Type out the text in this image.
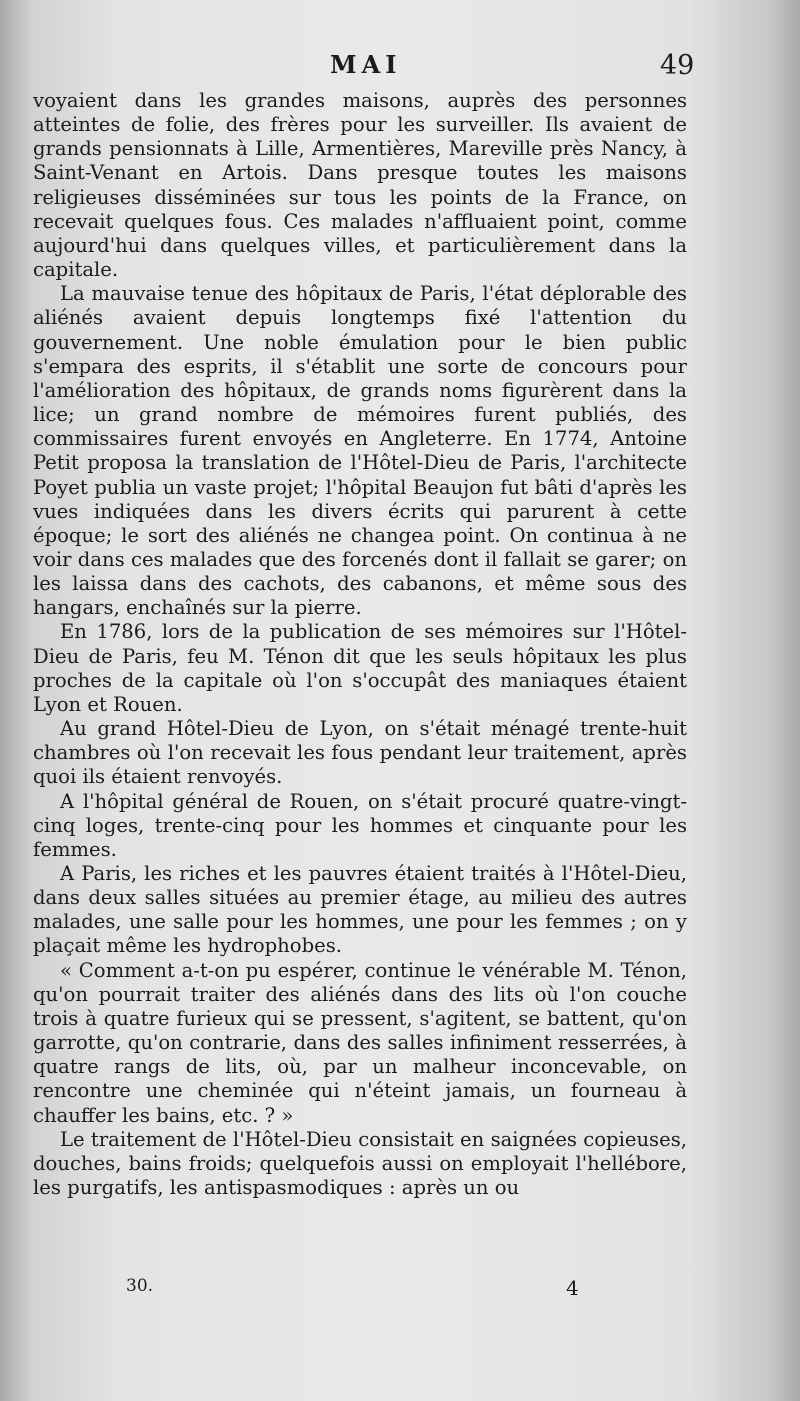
MAI	49

voyaient dans les grandes maisons, auprès des personnes atteintes de folie, des frères pour les surveiller. Ils avaient de grands pensionnats à Lille, Armentières, Mareville près Nancy, à Saint-Venant en Artois. Dans presque toutes les maisons religieuses disséminées sur tous les points de la France, on recevait quelques fous. Ces malades n'affluaient point, comme aujourd'hui dans quelques villes, et particulièrement dans la capitale.

La mauvaise tenue des hôpitaux de Paris, l'état déplorable des aliénés avaient depuis longtemps fixé l'attention du gouvernement. Une noble émulation pour le bien public s'empara des esprits, il s'établit une sorte de concours pour l'amélioration des hôpitaux, de grands noms figurèrent dans la lice; un grand nombre de mémoires furent publiés, des commissaires furent envoyés en Angleterre. En 1774, Antoine Petit proposa la translation de l'Hôtel-Dieu de Paris, l'architecte Poyet publia un vaste projet; l'hôpital Beaujon fut bâti d'après les vues indiquées dans les divers écrits qui parurent à cette époque; le sort des aliénés ne changea point. On continua à ne voir dans ces malades que des forcenés dont il fallait se garer; on les laissa dans des cachots, des cabanons, et même sous des hangars, enchaînés sur la pierre.

En 1786, lors de la publication de ses mémoires sur l'Hôtel-Dieu de Paris, feu M. Ténon dit que les seuls hôpitaux les plus proches de la capitale où l'on s'occupât des maniaques étaient Lyon et Rouen.

Au grand Hôtel-Dieu de Lyon, on s'était ménagé trente-huit chambres où l'on recevait les fous pendant leur traitement, après quoi ils étaient renvoyés.

A l'hôpital général de Rouen, on s'était procuré quatre-vingt-cinq loges, trente-cinq pour les hommes et cinquante pour les femmes.

A Paris, les riches et les pauvres étaient traités à l'Hôtel-Dieu, dans deux salles situées au premier étage, au milieu des autres malades, une salle pour les hommes, une pour les femmes ; on y plaçait même les hydrophobes.

« Comment a-t-on pu espérer, continue le vénérable M. Ténon, qu'on pourrait traiter des aliénés dans des lits où l'on couche trois à quatre furieux qui se pressent, s'agitent, se battent, qu'on garrotte, qu'on contrarie, dans des salles infiniment resserrées, à quatre rangs de lits, où, par un malheur inconcevable, on rencontre une cheminée qui n'éteint jamais, un fourneau à chauffer les bains, etc. ? »

Le traitement de l'Hôtel-Dieu consistait en saignées copieuses, douches, bains froids; quelquefois aussi on employait l'hellébore, les purgatifs, les antispasmodiques : après un ou

30.	4
